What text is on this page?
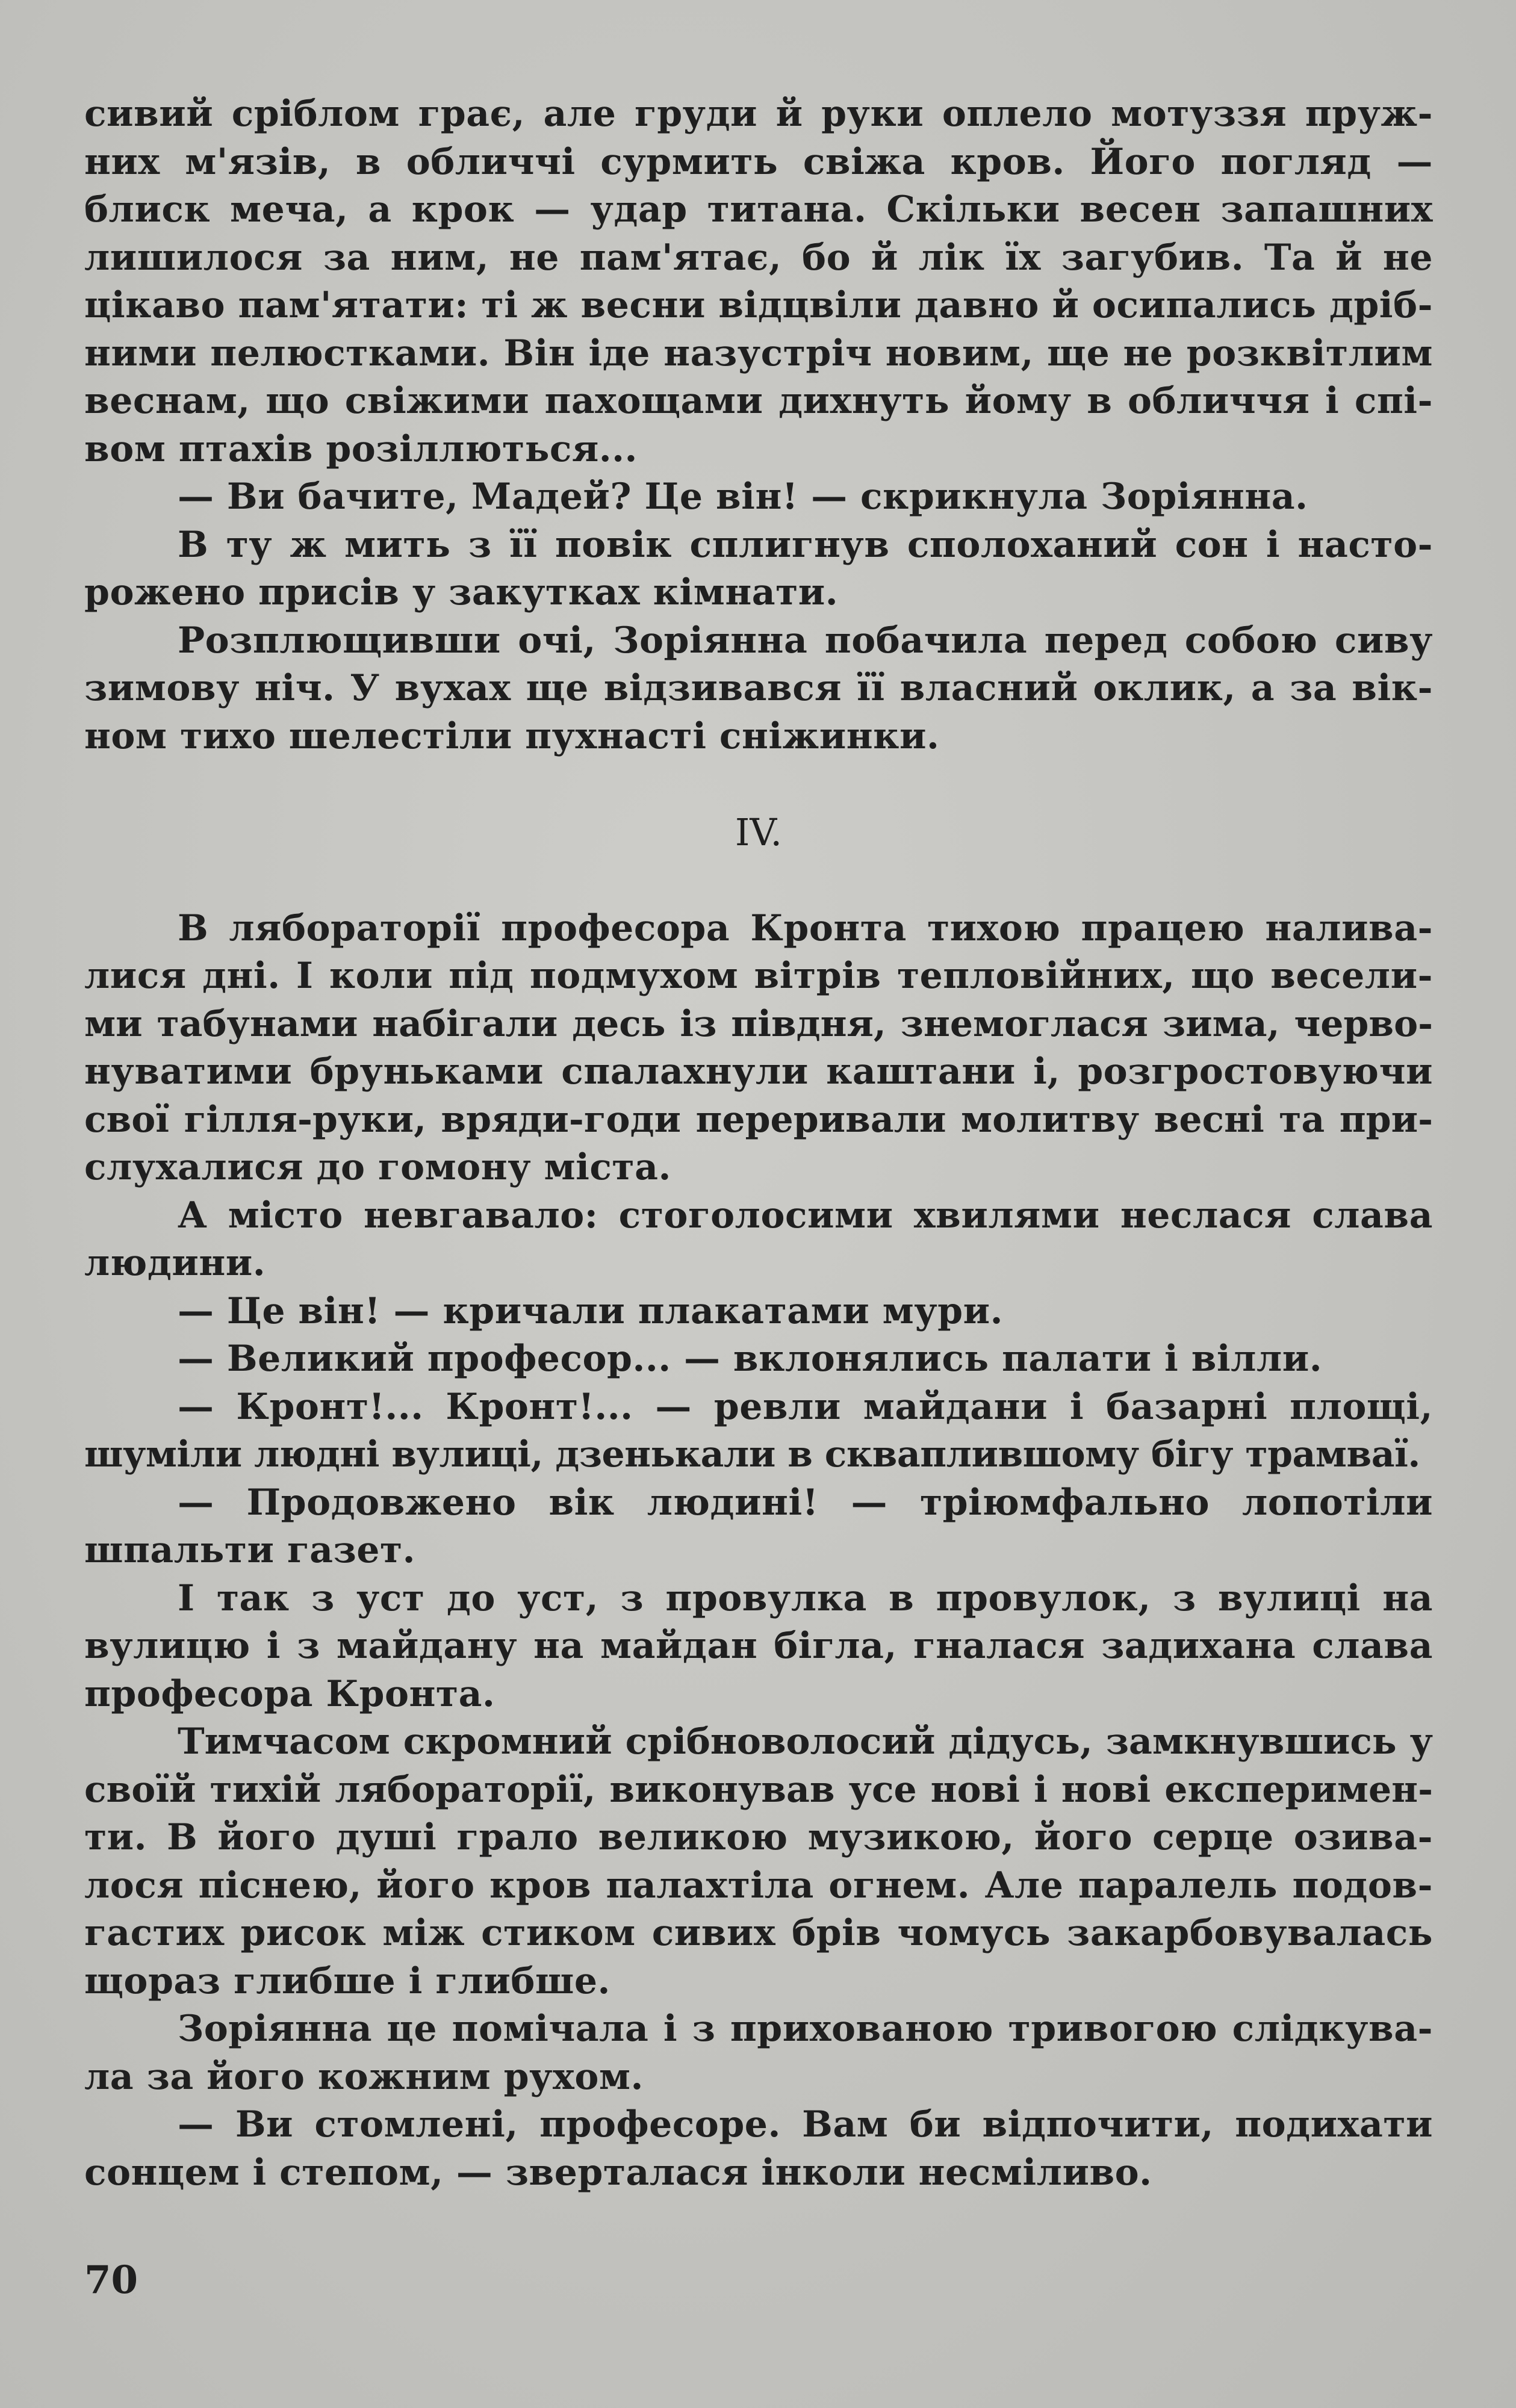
сивий сріблом грає, але груди й руки оплело мотуззя пруж-
них м'язів, в обличчі сурмить свіжа кров. Його погляд —
блиск меча, а крок — удар титана. Скільки весен запашних
лишилося за ним, не пам'ятає, бо й лік їх загубив. Та й не
цікаво пам'ятати: ті ж весни відцвіли давно й осипались дріб-
ними пелюстками. Він іде назустріч новим, ще не розквітлим
веснам, що свіжими пахощами дихнуть йому в обличчя і спі-
вом птахів розіллються...

— Ви бачите, Мадей? Це він! — скрикнула Зоріянна.

В ту ж мить з її повік сплигнув сполоханий сон і насто-
рожено присів у закутках кімнати.

Розплющивши очі, Зоріянна побачила перед собою сиву
зимову ніч. У вухах ще відзивався її власний оклик, а за вік-
ном тихо шелестіли пухнасті сніжинки.

IV.

В лябораторії професора Кронта тихою працею налива-
лися дні. І коли під подмухом вітрів тепловійних, що весели-
ми табунами набігали десь із півдня, знемоглася зима, черво-
нуватими бруньками спалахнули каштани і, розгростовуючи
свої гілля-руки, вряди-годи переривали молитву весні та при-
слухалися до гомону міста.

А місто невгавало: стоголосими хвилями неслася слава
людини.

— Це він! — кричали плакатами мури.

— Великий професор... — вклонялись палати і вілли.

— Кронт!... Кронт!... — ревли майдани і базарні площі,
шуміли людні вулиці, дзенькали в скваплившому бігу трамваї.

— Продовжено вік людині! — тріюмфально лопотіли
шпальти газет.

І так з уст до уст, з провулка в провулок, з вулиці на
вулицю і з майдану на майдан бігла, гналася задихана слава
професора Кронта.

Тимчасом скромний срібноволосий дідусь, замкнувшись у
своїй тихій лябораторії, виконував усе нові і нові експеримен-
ти. В його душі грало великою музикою, його серце озива-
лося піснею, його кров палахтіла огнем. Але паралель подов-
гастих рисок між стиком сивих брів чомусь закарбовувалась
щораз глибше і глибше.

Зоріянна це помічала і з прихованою тривогою слідкува-
ла за його кожним рухом.

— Ви стомлені, професоре. Вам би відпочити, подихати
сонцем і степом, — зверталася інколи несміливо.

70
